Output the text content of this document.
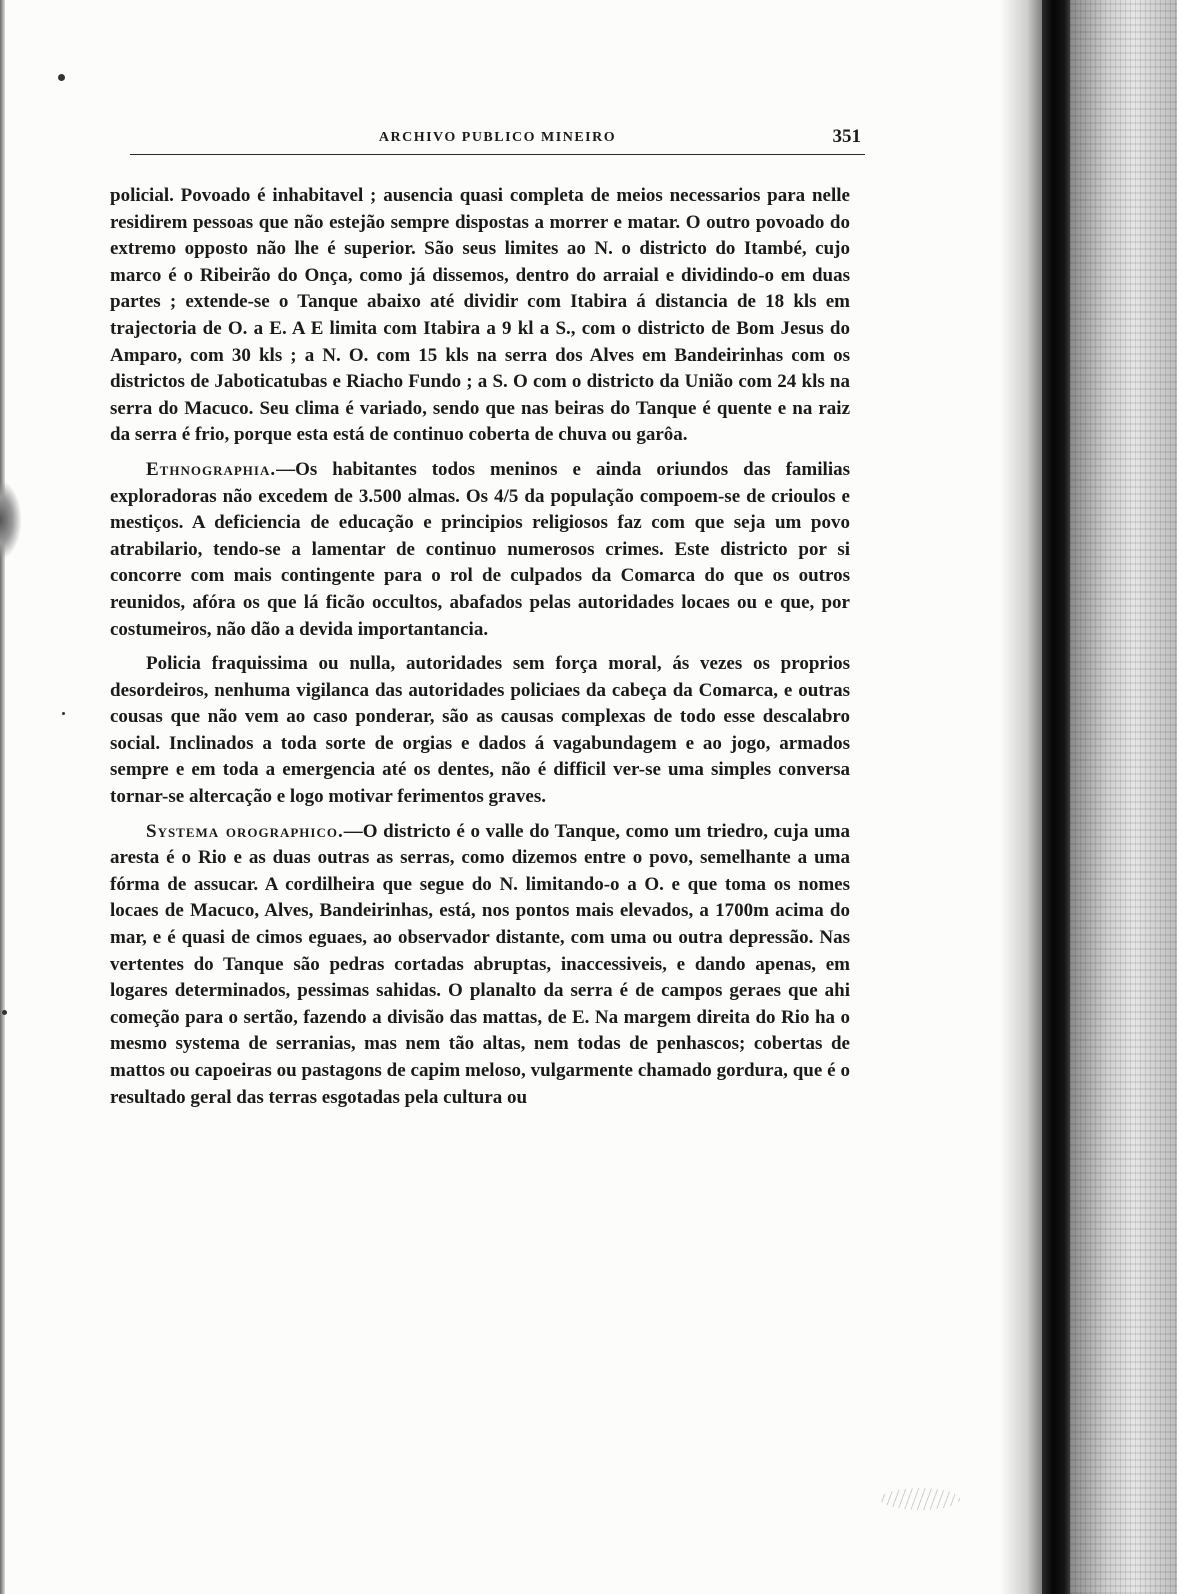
ARCHIVO PUBLICO MINEIRO	351

policial. Povoado é inhabitavel ; ausencia quasi completa de meios necessarios para nelle residirem pessoas que não estejão sempre dispostas a morrer e matar. O outro povoado do extremo opposto não lhe é superior. São seus limites ao N. o districto do Itambé, cujo marco é o Ribeirão do Onça, como já dissemos, dentro do arraial e dividindo-o em duas partes ; extende-se o Tanque abaixo até dividir com Itabira á distancia de 18 kls em trajectoria de O. a E. A E limita com Itabira a 9 kl a S., com o districto de Bom Jesus do Amparo, com 30 kls ; a N. O. com 15 kls na serra dos Alves em Bandeirinhas com os districtos de Jaboticatubas e Riacho Fundo ; a S. O com o districto da União com 24 kls na serra do Macuco. Seu clima é variado, sendo que nas beiras do Tanque é quente e na raiz da serra é frio, porque esta está de continuo coberta de chuva ou garôa.

Ethnographia.—Os habitantes todos meninos e ainda oriundos das familias exploradoras não excedem de 3.500 almas. Os 4/5 da população compoem-se de crioulos e mestiços. A deficiencia de educação e principios religiosos faz com que seja um povo atrabilario, tendo-se a lamentar de continuo numerosos crimes. Este districto por si concorre com mais contingente para o rol de culpados da Comarca do que os outros reunidos, afóra os que lá ficão occultos, abafados pelas autoridades locaes ou e que, por costumeiros, não dão a devida importantancia.

Policia fraquissima ou nulla, autoridades sem força moral, ás vezes os proprios desordeiros, nenhuma vigilanca das autoridades policiaes da cabeça da Comarca, e outras cousas que não vem ao caso ponderar, são as causas complexas de todo esse descalabro social. Inclinados a toda sorte de orgias e dados á vagabundagem e ao jogo, armados sempre e em toda a emergencia até os dentes, não é difficil ver-se uma simples conversa tornar-se altercação e logo motivar ferimentos graves.

Systema orographico.—O districto é o valle do Tanque, como um triedro, cuja uma aresta é o Rio e as duas outras as serras, como dizemos entre o povo, semelhante a uma fórma de assucar. A cordilheira que segue do N. limitando-o a O. e que toma os nomes locaes de Macuco, Alves, Bandeirinhas, está, nos pontos mais elevados, a 1700m acima do mar, e é quasi de cimos eguaes, ao observador distante, com uma ou outra depressão. Nas vertentes do Tanque são pedras cortadas abruptas, inaccessiveis, e dando apenas, em logares determinados, pessimas sahidas. O planalto da serra é de campos geraes que ahi começão para o sertão, fazendo a divisão das mattas, de E. Na margem direita do Rio ha o mesmo systema de serranias, mas nem tão altas, nem todas de penhascos; cobertas de mattos ou capoeiras ou pastagons de capim meloso, vulgarmente chamado gordura, que é o resultado geral das terras esgotadas pela cultura ou
